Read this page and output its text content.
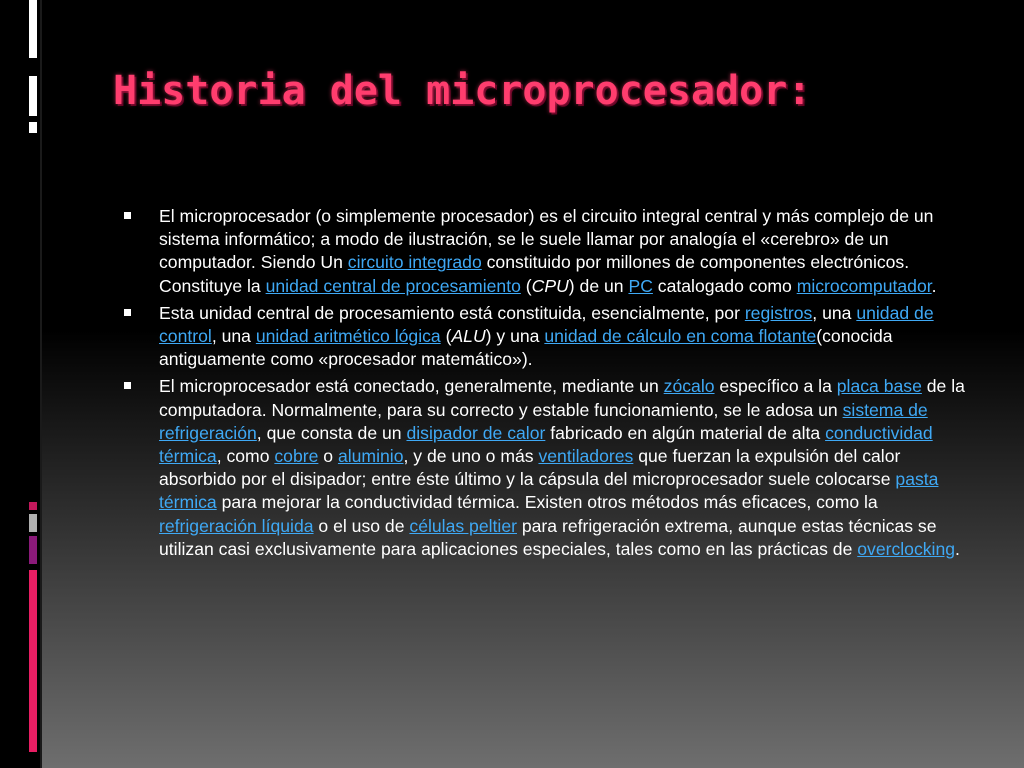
Historia del microprocesador:
El microprocesador (o simplemente procesador) es el circuito integral central y más complejo de un sistema informático; a modo de ilustración, se le suele llamar por analogía el «cerebro» de un computador. Siendo Un circuito integrado constituido por millones de componentes electrónicos. Constituye la unidad central de procesamiento (CPU) de un PC catalogado como microcomputador.
Esta unidad central de procesamiento está constituida, esencialmente, por registros, una unidad de control, una unidad aritmético lógica (ALU) y una unidad de cálculo en coma flotante(conocida antiguamente como «procesador matemático»).
El microprocesador está conectado, generalmente, mediante un zócalo específico a la placa base de la computadora. Normalmente, para su correcto y estable funcionamiento, se le adosa un sistema de refrigeración, que consta de un disipador de calor fabricado en algún material de alta conductividad térmica, como cobre o aluminio, y de uno o más ventiladores que fuerzan la expulsión del calor absorbido por el disipador; entre éste último y la cápsula del microprocesador suele colocarse pasta térmica para mejorar la conductividad térmica. Existen otros métodos más eficaces, como la refrigeración líquida o el uso de células peltier para refrigeración extrema, aunque estas técnicas se utilizan casi exclusivamente para aplicaciones especiales, tales como en las prácticas de overclocking.
